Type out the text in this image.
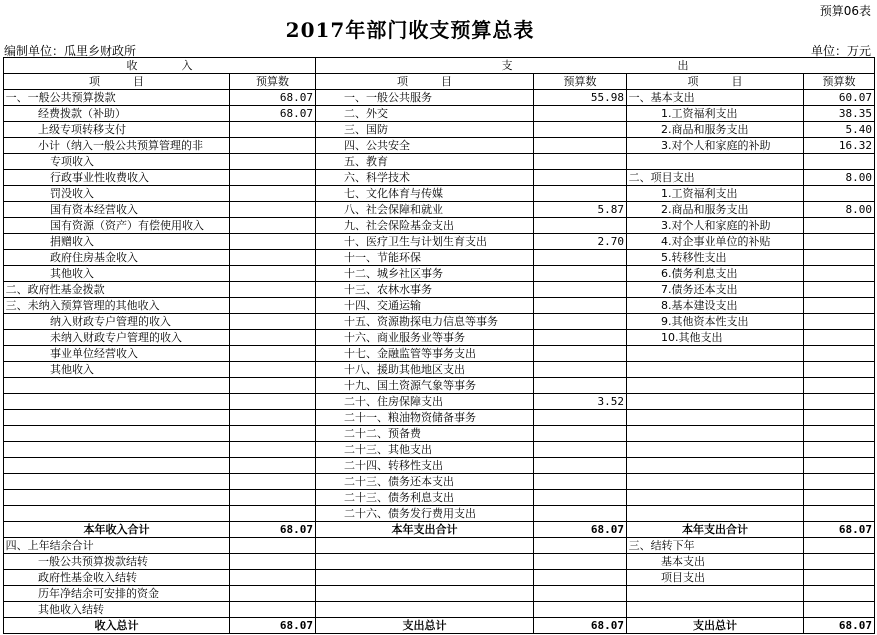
预算06表
2017年部门收支预算总表
编制单位：瓜里乡财政所	单位：万元
收　　　　入		支　　　　　　　　　　　　　　　出			
项　　　目	预算数	项　　　目	预算数	项　　　目	预算数
一、一般公共预算拨款	68.07	一、一般公共服务	55.98	一、基本支出	60.07
经费拨款（补助）	68.07	二、外交		1.工资福利支出	38.35
上级专项转移支付		三、国防		2.商品和服务支出	5.40
小计（纳入一般公共预算管理的非		四、公共安全		3.对个人和家庭的补助	16.32
专项收入		五、教育			
行政事业性收费收入		六、科学技术		二、项目支出	8.00
罚没收入		七、文化体育与传媒		1.工资福利支出	
国有资本经营收入		八、社会保障和就业	5.87	2.商品和服务支出	8.00
国有资源（资产）有偿使用收入		九、社会保险基金支出		3.对个人和家庭的补助	
捐赠收入		十、医疗卫生与计划生育支出	2.70	4.对企事业单位的补贴	
政府住房基金收入		十一、节能环保		5.转移性支出	
其他收入		十二、城乡社区事务		6.债务利息支出	
二、政府性基金拨款		十三、农林水事务		7.债务还本支出	
三、未纳入预算管理的其他收入		十四、交通运输		8.基本建设支出	
纳入财政专户管理的收入		十五、资源勘探电力信息等事务		9.其他资本性支出	
未纳入财政专户管理的收入		十六、商业服务业等事务		10.其他支出	
事业单位经营收入		十七、金融监管等事务支出			
其他收入		十八、援助其他地区支出			
		十九、国土资源气象等事务			
		二十、住房保障支出	3.52		
		二十一、粮油物资储备事务			
		二十二、预备费			
		二十三、其他支出			
		二十四、转移性支出			
		二十三、债务还本支出			
		二十三、债务利息支出			
		二十六、债务发行费用支出			
本年收入合计	68.07	本年支出合计	68.07	本年支出合计	68.07
四、上年结余合计				三、结转下年	
一般公共预算拨款结转				基本支出	
政府性基金收入结转				项目支出	
历年净结余可安排的资金					
其他收入结转					
收入总计	68.07	支出总计	68.07	支出总计	68.07
